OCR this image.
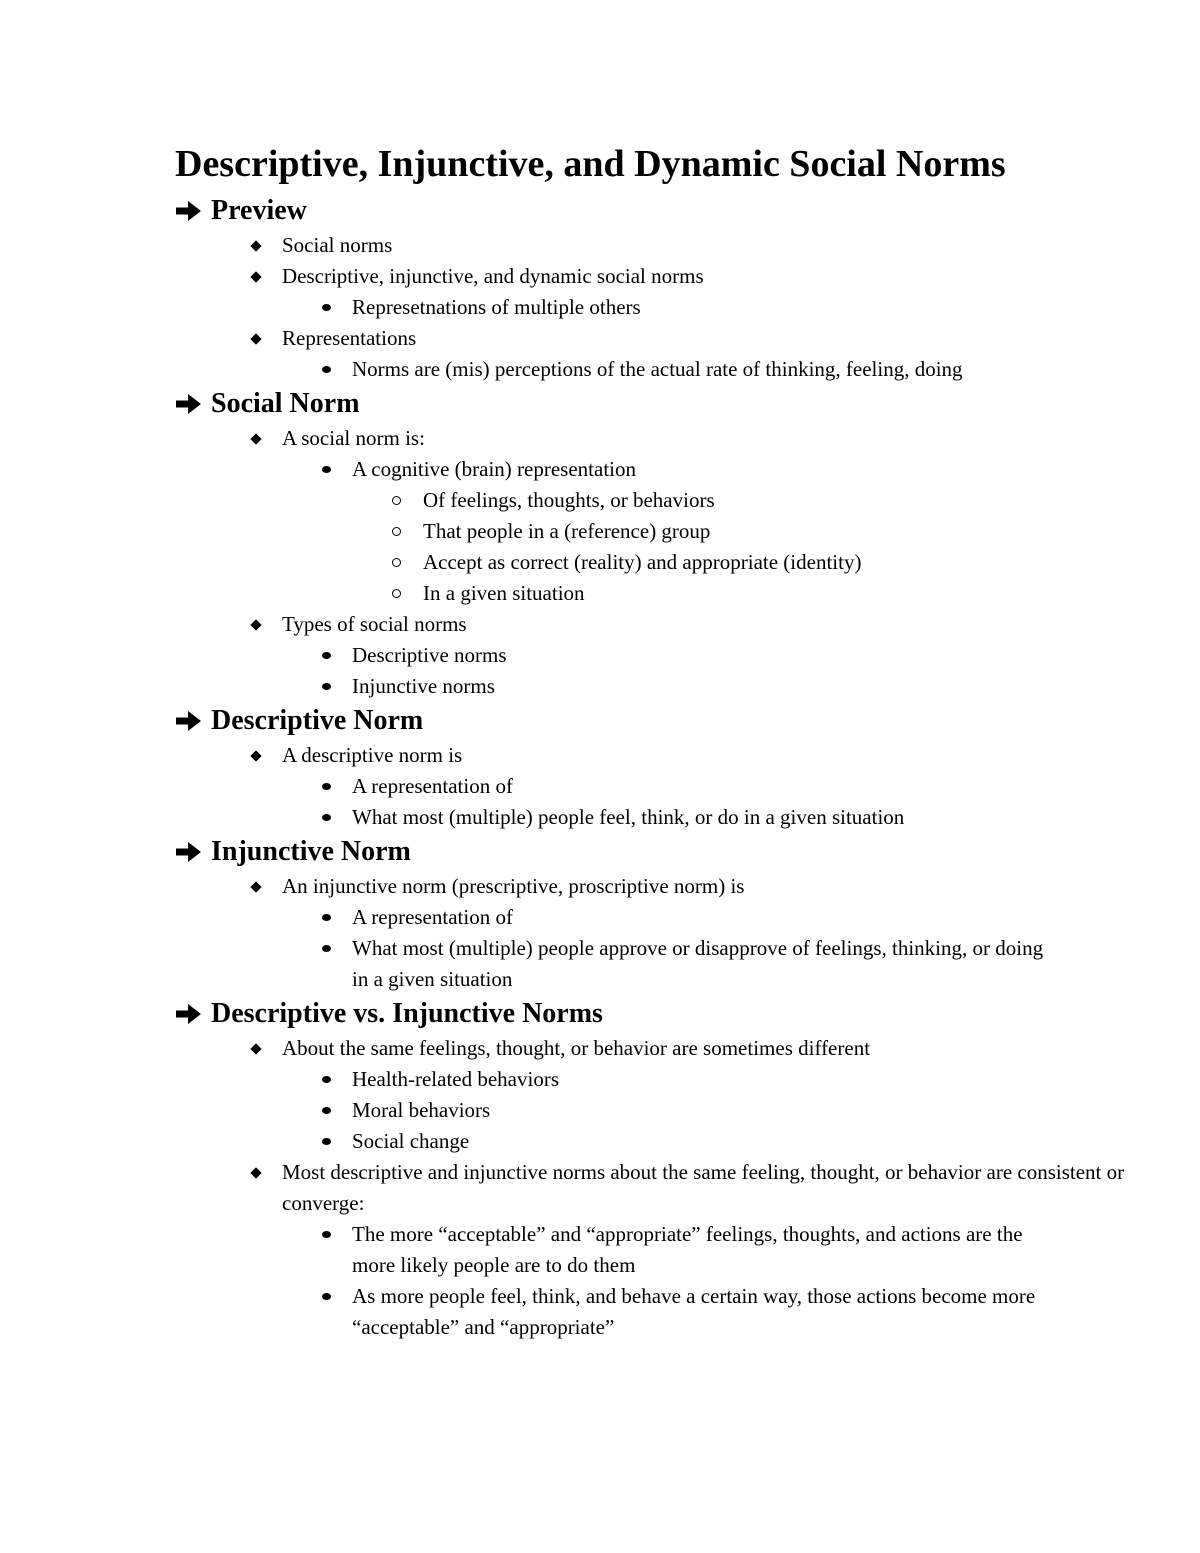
Descriptive, Injunctive, and Dynamic Social Norms
Preview
Social norms
Descriptive, injunctive, and dynamic social norms
Represetnations of multiple others
Representations
Norms are (mis) perceptions of the actual rate of thinking, feeling, doing
Social Norm
A social norm is:
A cognitive (brain) representation
Of feelings, thoughts, or behaviors
That people in a (reference) group
Accept as correct (reality) and appropriate (identity)
In a given situation
Types of social norms
Descriptive norms
Injunctive norms
Descriptive Norm
A descriptive norm is
A representation of
What most (multiple) people feel, think, or do in a given situation
Injunctive Norm
An injunctive norm (prescriptive, proscriptive norm) is
A representation of
What most (multiple) people approve or disapprove of feelings, thinking, or doing in a given situation
Descriptive vs. Injunctive Norms
About the same feelings, thought, or behavior are sometimes different
Health-related behaviors
Moral behaviors
Social change
Most descriptive and injunctive norms about the same feeling, thought, or behavior are consistent or converge:
The more “acceptable” and “appropriate” feelings, thoughts, and actions are the more likely people are to do them
As more people feel, think, and behave a certain way, those actions become more “acceptable” and “appropriate”
